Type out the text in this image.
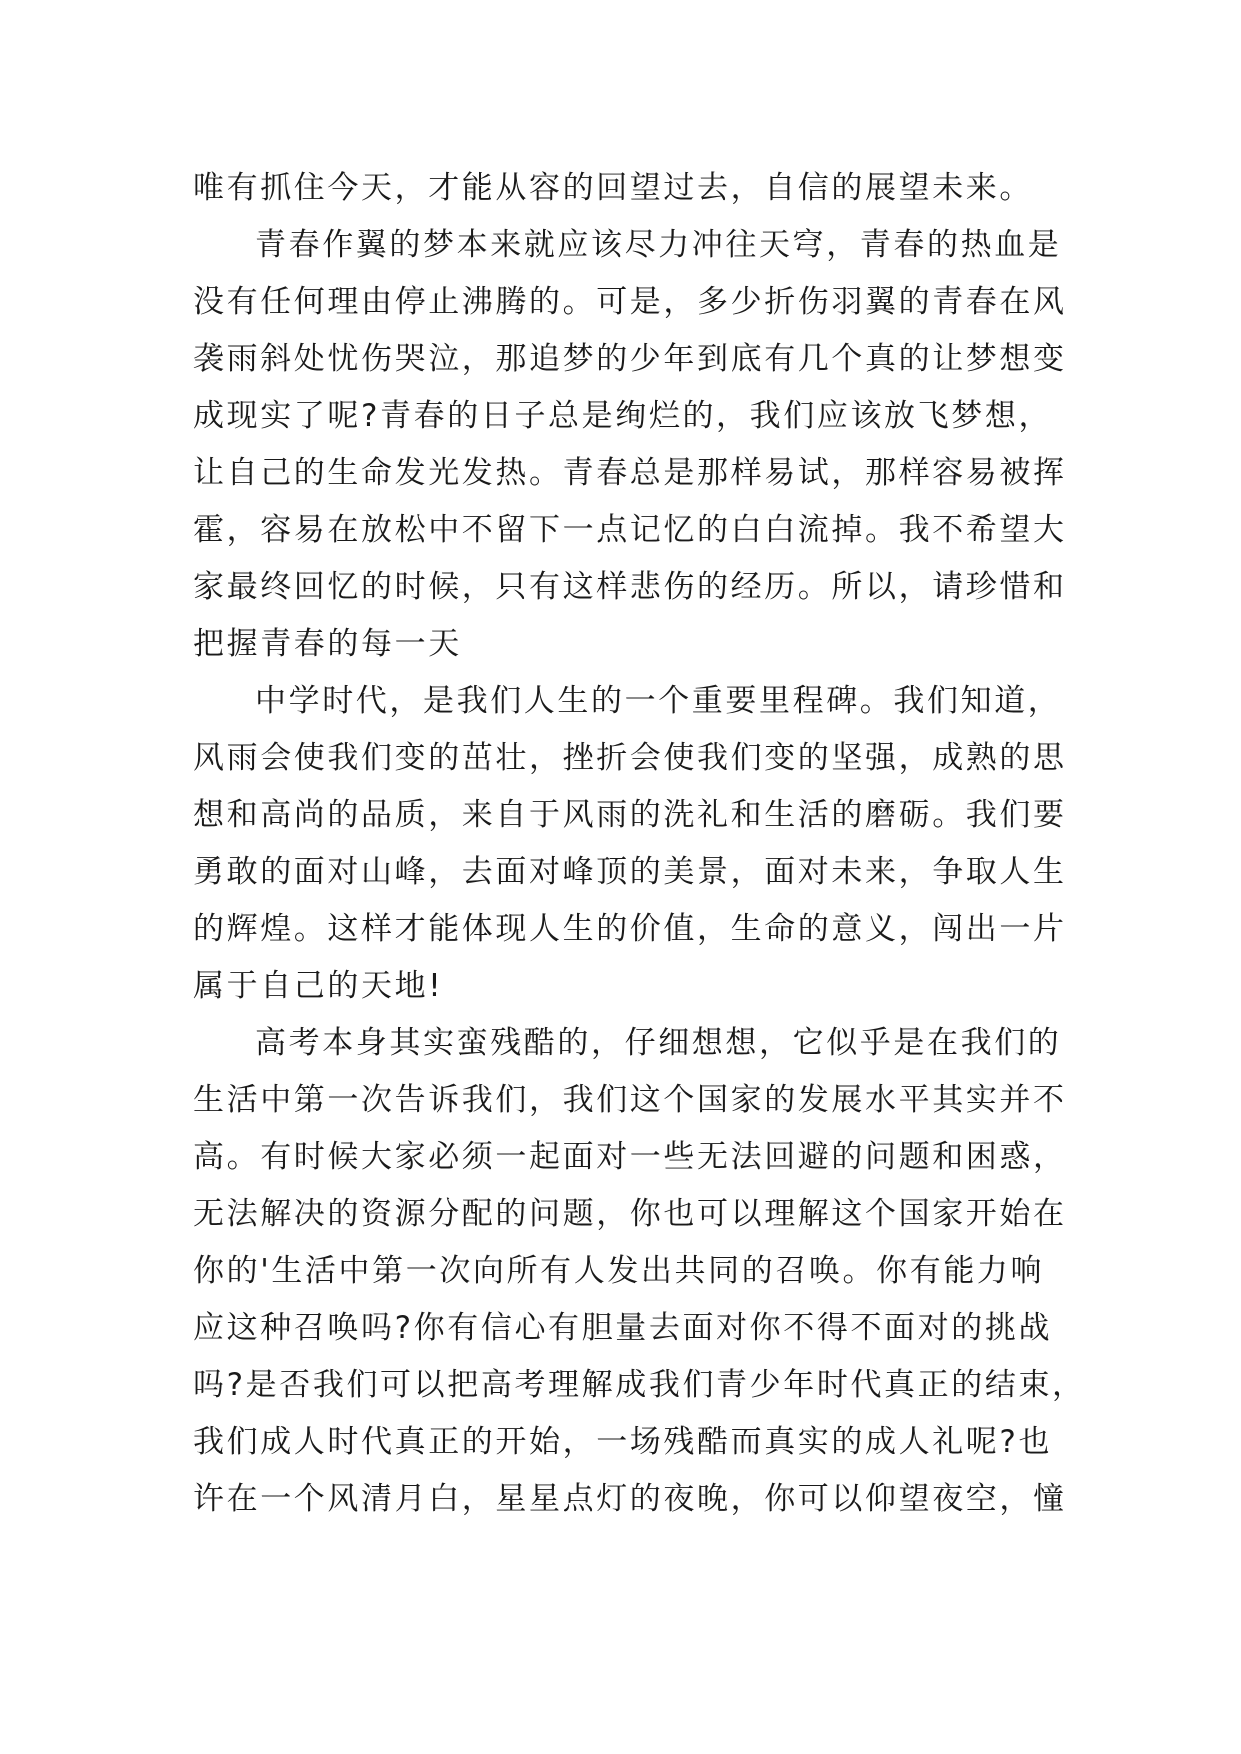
唯有抓住今天，才能从容的回望过去，自信的展望未来。
青春作翼的梦本来就应该尽力冲往天穹，青春的热血是
没有任何理由停止沸腾的。可是，多少折伤羽翼的青春在风
袭雨斜处忧伤哭泣，那追梦的少年到底有几个真的让梦想变
成现实了呢?青春的日子总是绚烂的，我们应该放飞梦想，
让自己的生命发光发热。青春总是那样易试，那样容易被挥
霍，容易在放松中不留下一点记忆的白白流掉。我不希望大
家最终回忆的时候，只有这样悲伤的经历。所以，请珍惜和
把握青春的每一天
中学时代，是我们人生的一个重要里程碑。我们知道，
风雨会使我们变的茁壮，挫折会使我们变的坚强，成熟的思
想和高尚的品质，来自于风雨的洗礼和生活的磨砺。我们要
勇敢的面对山峰，去面对峰顶的美景，面对未来，争取人生
的辉煌。这样才能体现人生的价值，生命的意义，闯出一片
属于自己的天地!
高考本身其实蛮残酷的，仔细想想，它似乎是在我们的
生活中第一次告诉我们，我们这个国家的发展水平其实并不
高。有时候大家必须一起面对一些无法回避的问题和困惑，
无法解决的资源分配的问题，你也可以理解这个国家开始在
你的'生活中第一次向所有人发出共同的召唤。你有能力响
应这种召唤吗?你有信心有胆量去面对你不得不面对的挑战
吗?是否我们可以把高考理解成我们青少年时代真正的结束，
我们成人时代真正的开始，一场残酷而真实的成人礼呢?也
许在一个风清月白，星星点灯的夜晚，你可以仰望夜空，憧
